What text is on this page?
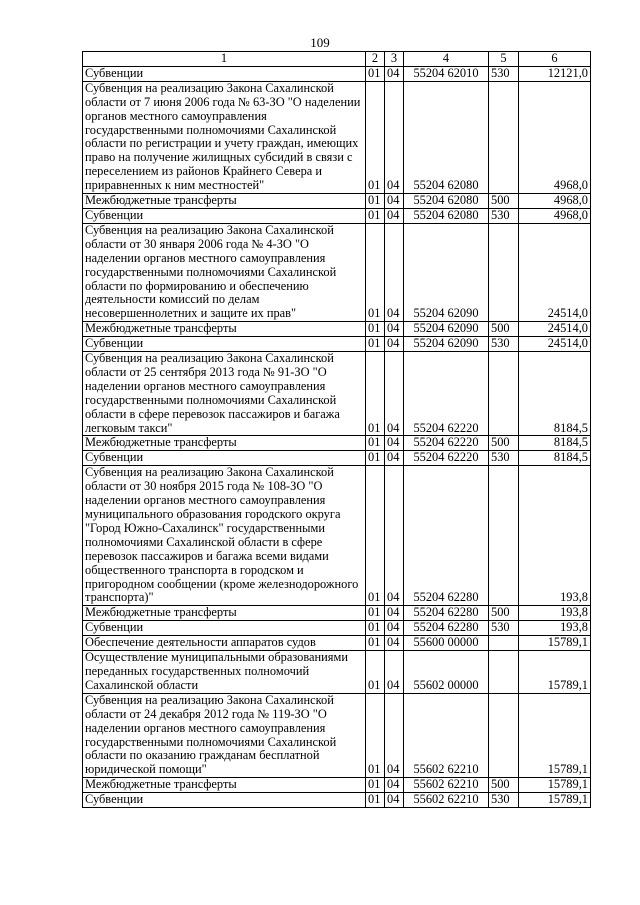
109
1	2	3	4	5	6
Субвенции	01	04	55204 62010	530	12121,0
Субвенция на реализацию Закона Сахалинской области от 7 июня 2006 года № 63-ЗО "О наделении органов местного самоуправления государственными полномочиями Сахалинской области по регистрации и учету граждан, имеющих право на получение жилищных субсидий в связи с переселением из районов Крайнего Севера и приравненных к ним местностей"	01	04	55204 62080		4968,0
Межбюджетные трансферты	01	04	55204 62080	500	4968,0
Субвенции	01	04	55204 62080	530	4968,0
Субвенция на реализацию Закона Сахалинской области от 30 января 2006 года № 4-ЗО "О наделении органов местного самоуправления государственными полномочиями Сахалинской области по формированию и обеспечению деятельности комиссий по делам несовершеннолетних и защите их прав"	01	04	55204 62090		24514,0
Межбюджетные трансферты	01	04	55204 62090	500	24514,0
Субвенции	01	04	55204 62090	530	24514,0
Субвенция на реализацию Закона Сахалинской области от 25 сентября 2013 года № 91-ЗО "О наделении органов местного самоуправления государственными полномочиями Сахалинской области в сфере перевозок пассажиров и багажа легковым такси"	01	04	55204 62220		8184,5
Межбюджетные трансферты	01	04	55204 62220	500	8184,5
Субвенции	01	04	55204 62220	530	8184,5
Субвенция на реализацию Закона Сахалинской области от 30 ноября 2015 года № 108-ЗО "О наделении органов местного самоуправления муниципального образования городского округа "Город Южно-Сахалинск" государственными полномочиями Сахалинской области в сфере перевозок пассажиров и багажа всеми видами общественного транспорта в городском и пригородном сообщении (кроме железнодорожного транспорта)"	01	04	55204 62280		193,8
Межбюджетные трансферты	01	04	55204 62280	500	193,8
Субвенции	01	04	55204 62280	530	193,8
Обеспечение деятельности аппаратов судов	01	04	55600 00000		15789,1
Осуществление муниципальными образованиями переданных государственных полномочий Сахалинской области	01	04	55602 00000		15789,1
Субвенция на реализацию Закона Сахалинской области от 24 декабря 2012 года № 119-ЗО "О наделении органов местного самоуправления государственными полномочиями Сахалинской области по оказанию гражданам бесплатной юридической помощи"	01	04	55602 62210		15789,1
Межбюджетные трансферты	01	04	55602 62210	500	15789,1
Субвенции	01	04	55602 62210	530	15789,1
